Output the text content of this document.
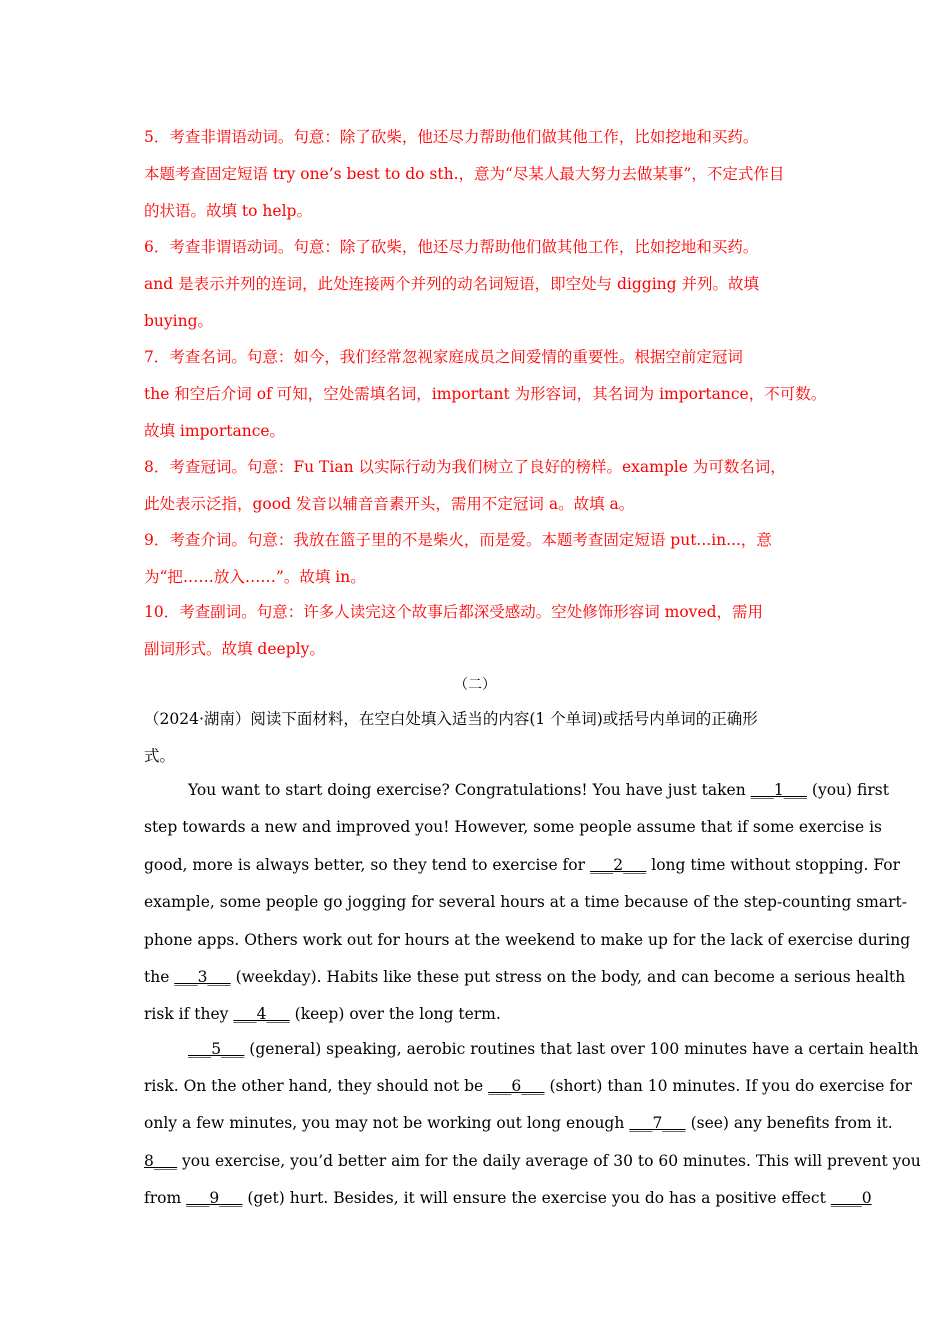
5．考查非谓语动词。句意：除了砍柴，他还尽力帮助他们做其他工作，比如挖地和买药。
本题考查固定短语 try one’s best to do sth.，意为“尽某人最大努力去做某事”，不定式作目
的状语。故填 to help。
6．考查非谓语动词。句意：除了砍柴，他还尽力帮助他们做其他工作，比如挖地和买药。
and 是表示并列的连词，此处连接两个并列的动名词短语，即空处与 digging 并列。故填
buying。
7．考查名词。句意：如今，我们经常忽视家庭成员之间爱情的重要性。根据空前定冠词
the 和空后介词 of 可知，空处需填名词，important 为形容词，其名词为 importance，不可数。
故填 importance。
8．考查冠词。句意：Fu Tian 以实际行动为我们树立了良好的榜样。example 为可数名词，
此处表示泛指，good 发音以辅音音素开头，需用不定冠词 a。故填 a。
9．考查介词。句意：我放在篮子里的不是柴火，而是爱。本题考查固定短语 put...in...，意
为“把……放入……”。故填 in。
10．考查副词。句意：许多人读完这个故事后都深受感动。空处修饰形容词 moved，需用
副词形式。故填 deeply。
（二）
（2024·湖南）阅读下面材料，在空白处填入适当的内容(1 个单词)或括号内单词的正确形
式。
You want to start doing exercise? Congratulations! You have just taken ___1___ (you) first
step towards a new and improved you! However, some people assume that if some exercise is
good, more is always better, so they tend to exercise for ___2___ long time without stopping. For
example, some people go jogging for several hours at a time because of the step-counting smart-
phone apps. Others work out for hours at the weekend to make up for the lack of exercise during
the ___3___ (weekday). Habits like these put stress on the body, and can become a serious health
risk if they ___4___ (keep) over the long term.
___5___ (general) speaking, aerobic routines that last over 100 minutes have a certain health
risk. On the other hand, they should not be ___6___ (short) than 10 minutes. If you do exercise for
only a few minutes, you may not be working out long enough ___7___ (see) any benefits from it.
8___ you exercise, you’d better aim for the daily average of 30 to 60 minutes. This will prevent you
from ___9___ (get) hurt. Besides, it will ensure the exercise you do has a positive effect ____0
